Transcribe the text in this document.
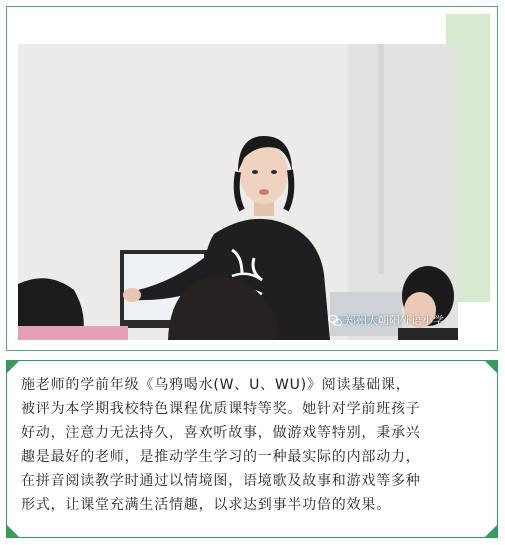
郑州大朝阳外语小学
施老师的学前年级《乌鸦喝水(W、U、WU)》阅读基础课，
被评为本学期我校特色课程优质课特等奖。她针对学前班孩子
好动，注意力无法持久，喜欢听故事，做游戏等特别，秉承兴
趣是最好的老师，是推动学生学习的一种最实际的内部动力，
在拼音阅读教学时通过以情境图，语境歌及故事和游戏等多种
形式，让课堂充满生活情趣，以求达到事半功倍的效果。
